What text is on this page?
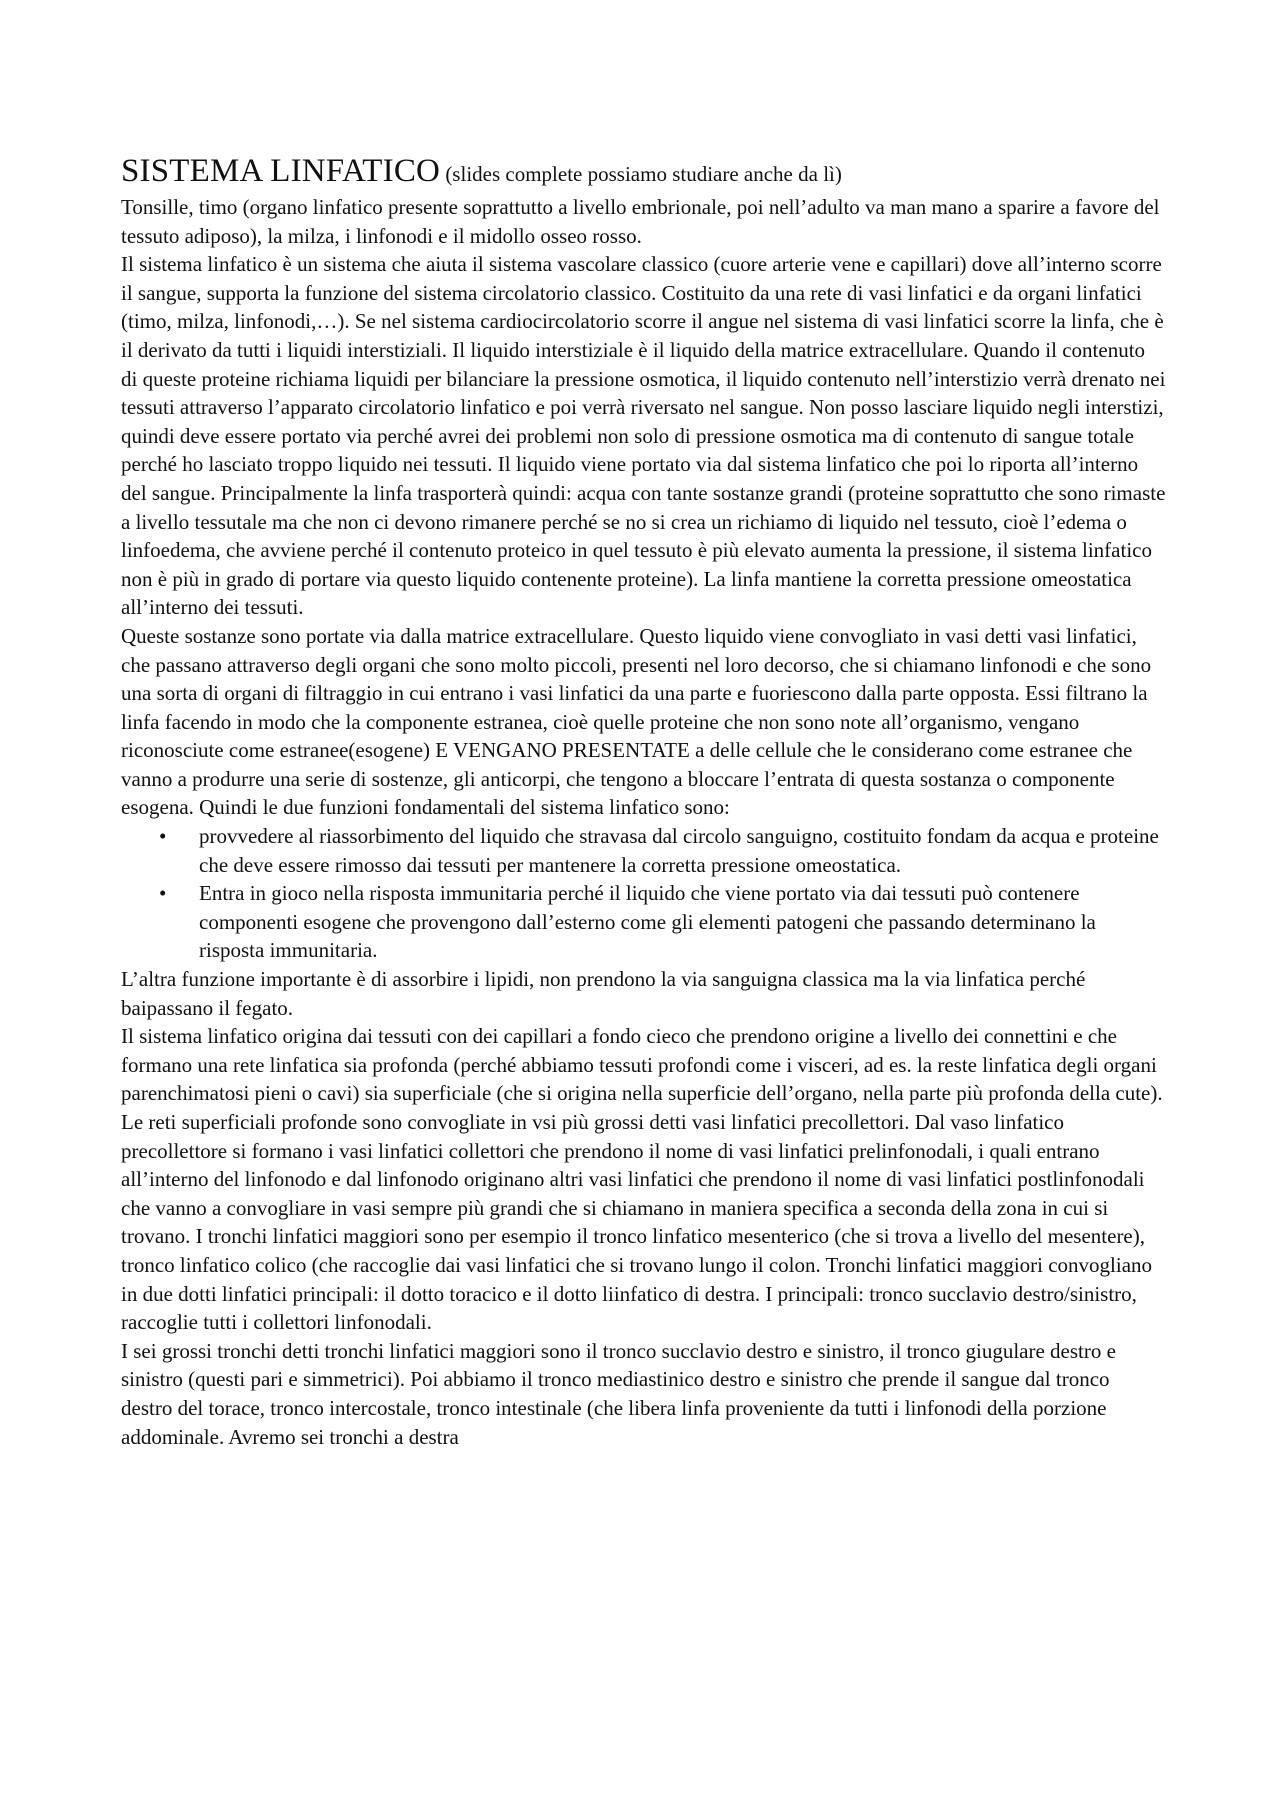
SISTEMA LINFATICO (slides complete possiamo studiare anche da lì)

Tonsille, timo (organo linfatico presente soprattutto a livello embrionale, poi nell’adulto va man mano a sparire a favore del tessuto adiposo), la milza, i linfonodi e il midollo osseo rosso.

Il sistema linfatico è un sistema che aiuta il sistema vascolare classico (cuore arterie vene e capillari) dove all’interno scorre il sangue, supporta la funzione del sistema circolatorio classico. Costituito da una rete di vasi linfatici e da organi linfatici (timo, milza, linfonodi,…). Se nel sistema cardiocircolatorio scorre il angue nel sistema di vasi linfatici scorre la linfa, che è il derivato da tutti i liquidi interstiziali. Il liquido interstiziale è il liquido della matrice extracellulare. Quando il contenuto di queste proteine richiama liquidi per bilanciare la pressione osmotica, il liquido contenuto nell’interstizio verrà drenato nei tessuti attraverso l’apparato circolatorio linfatico e poi verrà riversato nel sangue. Non posso lasciare liquido negli interstizi, quindi deve essere portato via perché avrei dei problemi non solo di pressione osmotica ma di contenuto di sangue totale perché ho lasciato troppo liquido nei tessuti. Il liquido viene portato via dal sistema linfatico che poi lo riporta all’interno del sangue. Principalmente la linfa trasporterà quindi: acqua con tante sostanze grandi (proteine soprattutto che sono rimaste a livello tessutale ma che non ci devono rimanere perché se no si crea un richiamo di liquido nel tessuto, cioè l’edema o linfoedema, che avviene perché il contenuto proteico in quel tessuto è più elevato aumenta la pressione, il sistema linfatico non è più in grado di portare via questo liquido contenente proteine). La linfa mantiene la corretta pressione omeostatica all’interno dei tessuti.

Queste sostanze sono portate via dalla matrice extracellulare. Questo liquido viene convogliato in vasi detti vasi linfatici, che passano attraverso degli organi che sono molto piccoli, presenti nel loro decorso, che si chiamano linfonodi e che sono una sorta di organi di filtraggio in cui entrano i vasi linfatici da una parte e fuoriescono dalla parte opposta. Essi filtrano la linfa facendo in modo che la componente estranea, cioè quelle proteine che non sono note all’organismo, vengano riconosciute come estranee(esogene) E VENGANO PRESENTATE a delle cellule che le considerano come estranee che vanno a produrre una serie di sostenze, gli anticorpi, che tengono a bloccare l’entrata di questa sostanza o componente esogena. Quindi le due funzioni fondamentali del sistema linfatico sono:

• provvedere al riassorbimento del liquido che stravasa dal circolo sanguigno, costituito fondam da acqua e proteine che deve essere rimosso dai tessuti per mantenere la corretta pressione omeostatica.
• Entra in gioco nella risposta immunitaria perché il liquido che viene portato via dai tessuti può contenere componenti esogene che provengono dall’esterno come gli elementi patogeni che passando determinano la risposta immunitaria.

L’altra funzione importante è di assorbire i lipidi, non prendono la via sanguigna classica ma la via linfatica perché baipassano il fegato.

Il sistema linfatico origina dai tessuti con dei capillari a fondo cieco che prendono origine a livello dei connettini e che formano una rete linfatica sia profonda (perché abbiamo tessuti profondi come i visceri, ad es. la reste linfatica degli organi parenchimatosi pieni o cavi) sia superficiale (che si origina nella superficie dell’organo, nella parte più profonda della cute). Le reti superficiali profonde sono convogliate in vsi più grossi detti vasi linfatici precollettori. Dal vaso linfatico precollettore si formano i vasi linfatici collettori che prendono il nome di vasi linfatici prelinfonodali, i quali entrano all’interno del linfonodo e dal linfonodo originano altri vasi linfatici che prendono il nome di vasi linfatici postlinfonodali che vanno a convogliare in vasi sempre più grandi che si chiamano in maniera specifica a seconda della zona in cui si trovano. I tronchi linfatici maggiori sono per esempio il tronco linfatico mesenterico (che si trova a livello del mesentere), tronco linfatico colico (che raccoglie dai vasi linfatici che si trovano lungo il colon. Tronchi linfatici maggiori convogliano in due dotti linfatici principali: il dotto toracico e il dotto liinfatico di destra. I principali: tronco succlavio destro/sinistro, raccoglie tutti i collettori linfonodali.

I sei grossi tronchi detti tronchi linfatici maggiori sono il tronco succlavio destro e sinistro, il tronco giugulare destro e sinistro (questi pari e simmetrici). Poi abbiamo il tronco mediastinico destro e sinistro che prende il sangue dal tronco destro del torace, tronco intercostale, tronco intestinale (che libera linfa proveniente da tutti i linfonodi della porzione addominale. Avremo sei tronchi a destra
